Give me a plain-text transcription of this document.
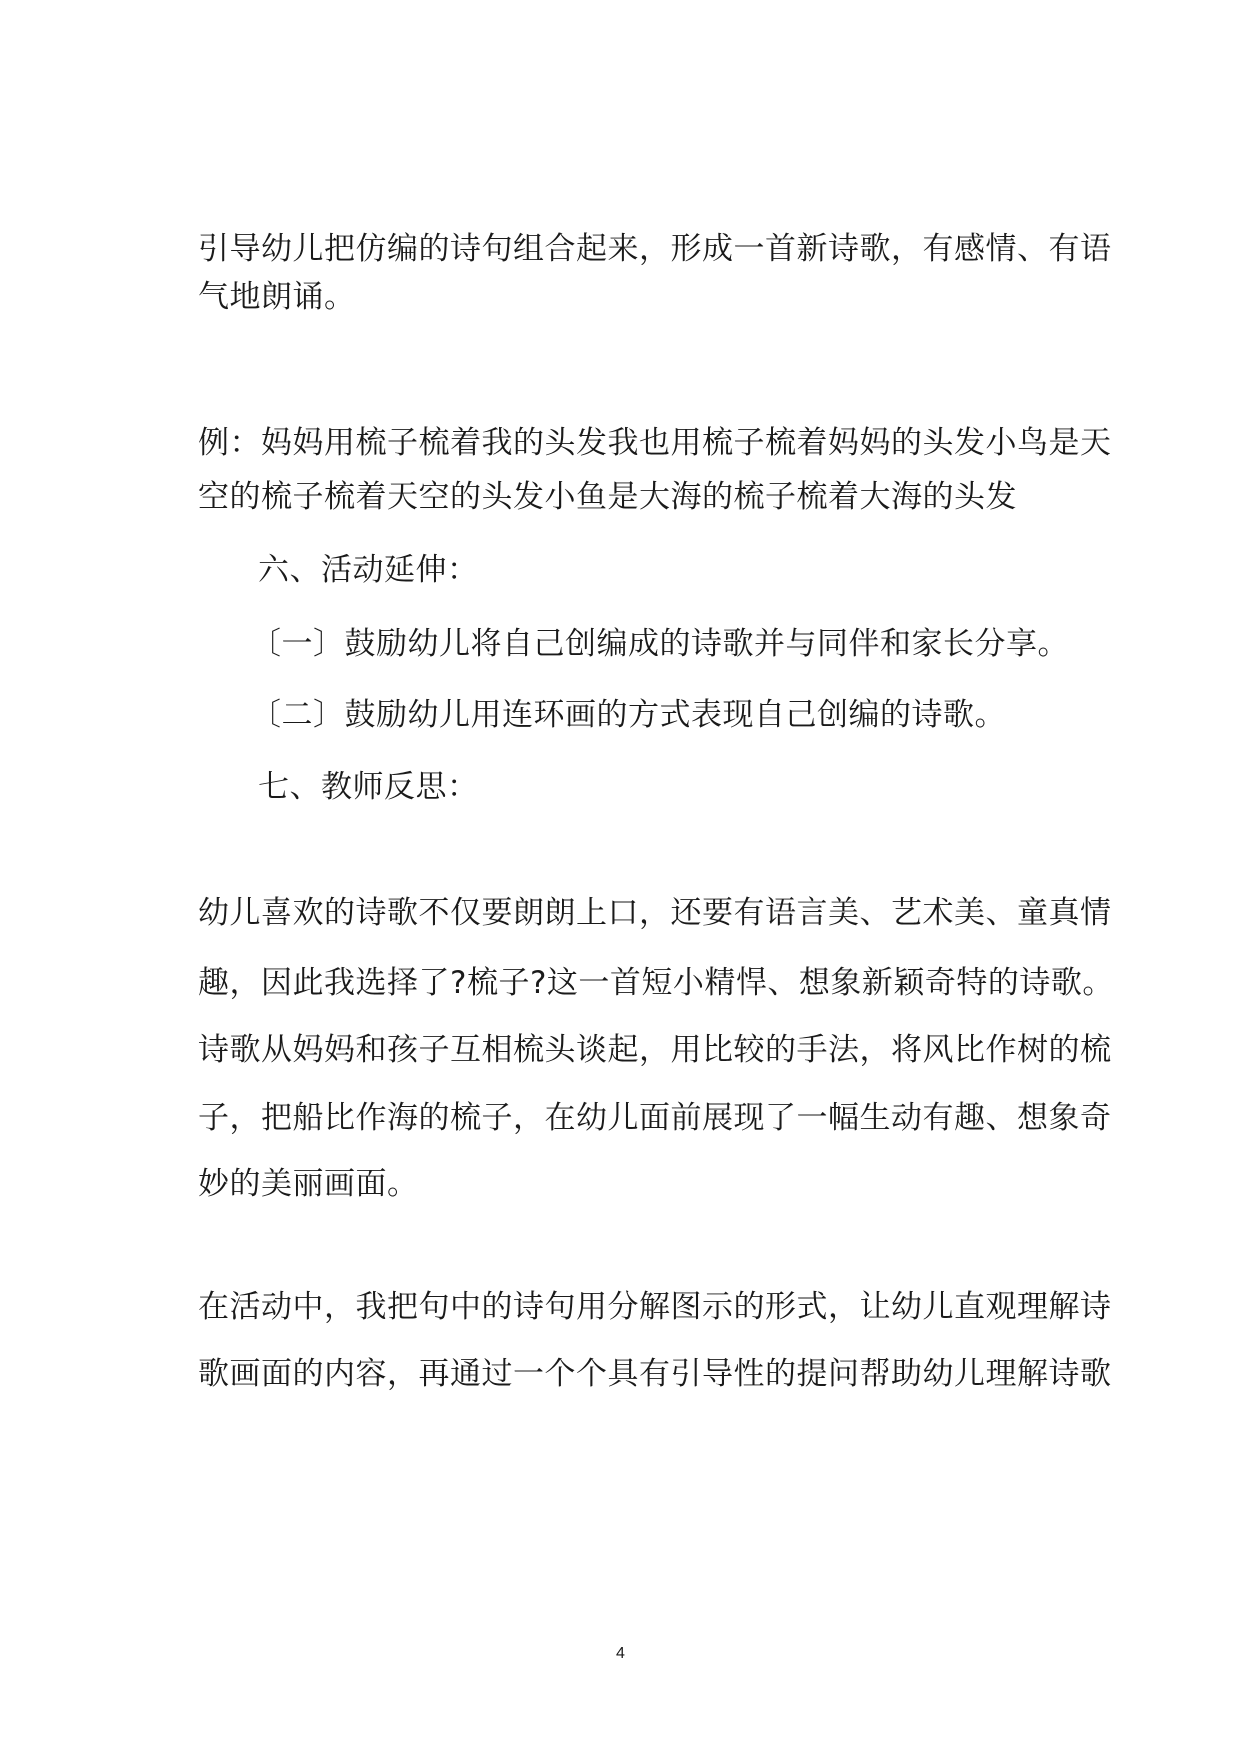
引导幼儿把仿编的诗句组合起来，形成一首新诗歌，有感情、有语
气地朗诵。
例：妈妈用梳子梳着我的头发我也用梳子梳着妈妈的头发小鸟是天
空的梳子梳着天空的头发小鱼是大海的梳子梳着大海的头发
六、活动延伸：
〔一〕鼓励幼儿将自己创编成的诗歌并与同伴和家长分享。
〔二〕鼓励幼儿用连环画的方式表现自己创编的诗歌。
七、教师反思：
幼儿喜欢的诗歌不仅要朗朗上口，还要有语言美、艺术美、童真情
趣，因此我选择了?梳子?这一首短小精悍、想象新颖奇特的诗歌。
诗歌从妈妈和孩子互相梳头谈起，用比较的手法，将风比作树的梳
子，把船比作海的梳子，在幼儿面前展现了一幅生动有趣、想象奇
妙的美丽画面。
在活动中，我把句中的诗句用分解图示的形式，让幼儿直观理解诗
歌画面的内容，再通过一个个具有引导性的提问帮助幼儿理解诗歌
4
